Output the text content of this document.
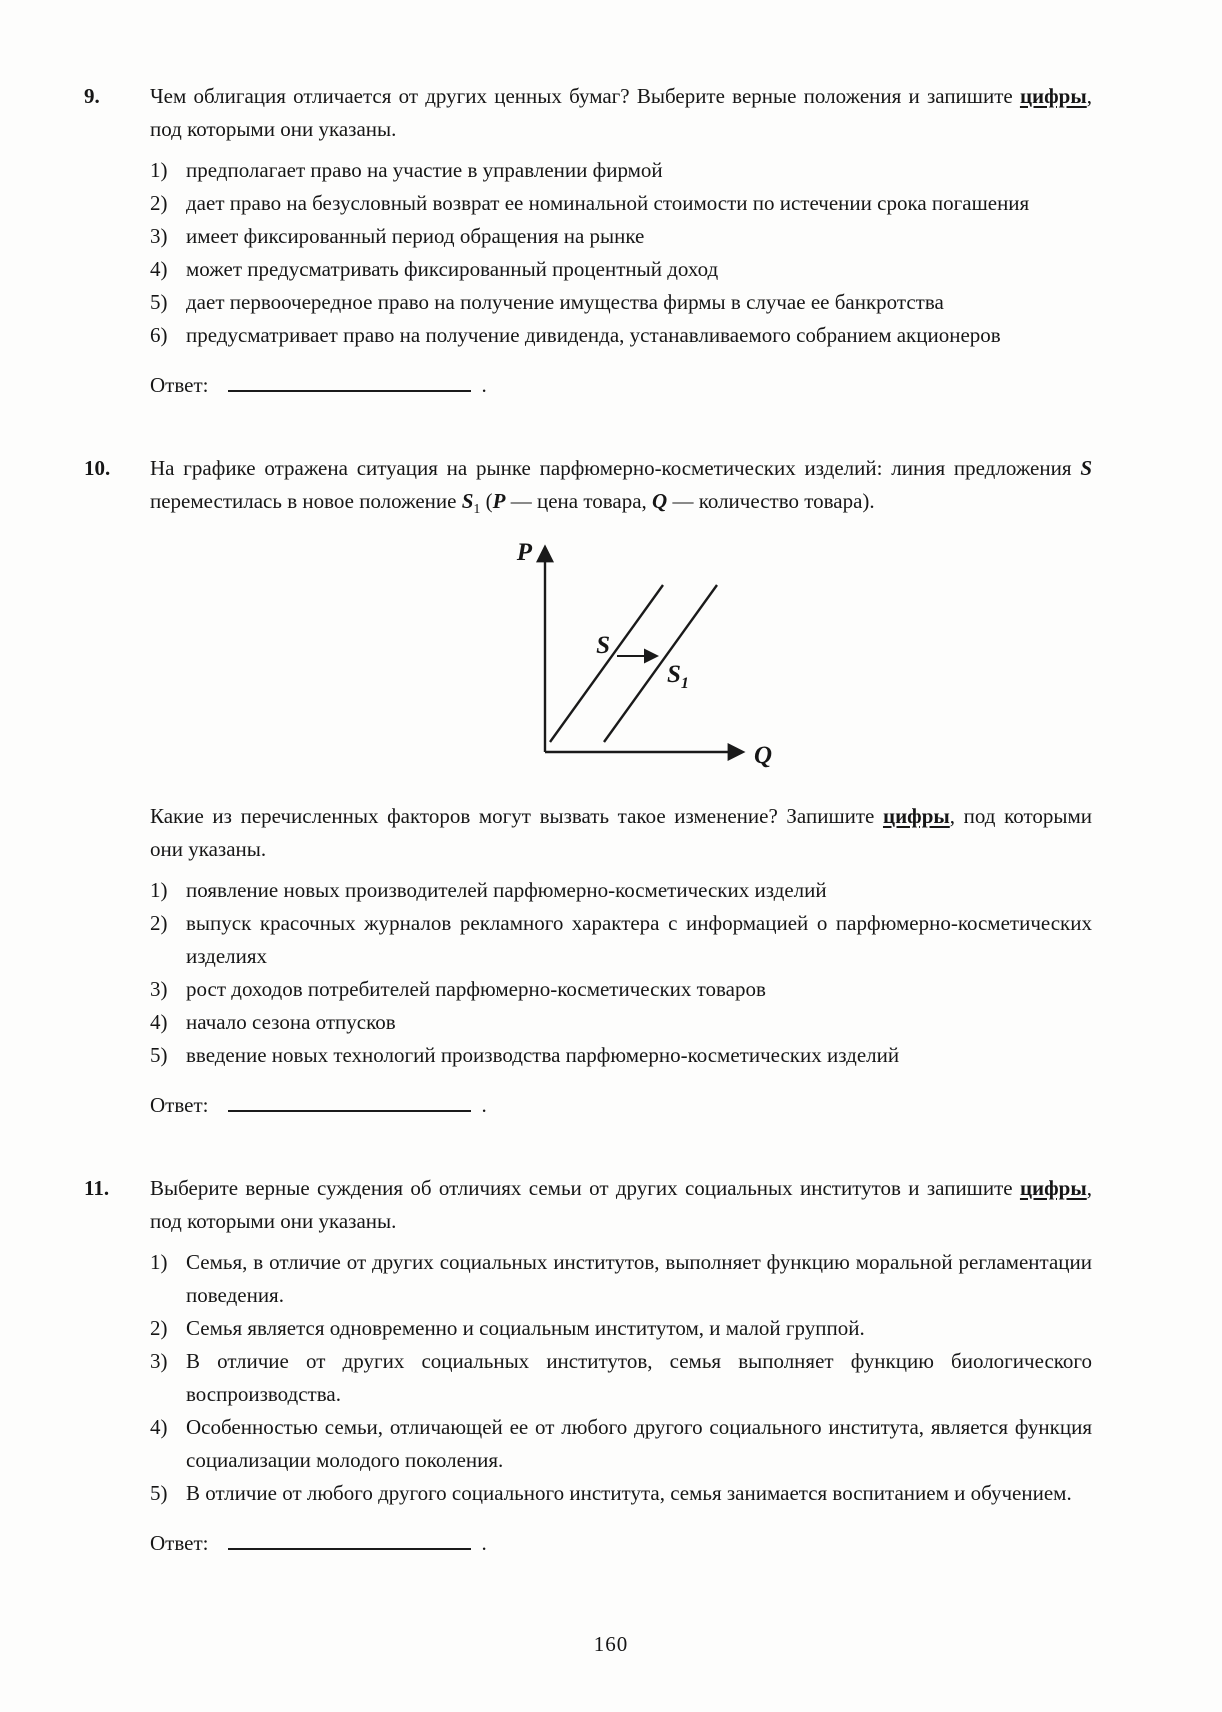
9. Чем облигация отличается от других ценных бумаг? Выберите верные положения и запишите цифры, под которыми они указаны.

1) предполагает право на участие в управлении фирмой
2) дает право на безусловный возврат ее номинальной стоимости по истечении срока погашения
3) имеет фиксированный период обращения на рынке
4) может предусматривать фиксированный процентный доход
5) дает первоочередное право на получение имущества фирмы в случае ее банкротства
6) предусматривает право на получение дивиденда, устанавливаемого собранием акционеров
Ответ:	.
10. На графике отражена ситуация на рынке парфюмерно-косметических изделий: линия предложения S переместилась в новое положение $S_1$ (P — цена товара, Q — количество товара).

P
Q
S
$S_1$

Какие из перечисленных факторов могут вызвать такое изменение? Запишите цифры, под которыми они указаны.

1) появление новых производителей парфюмерно-косметических изделий
2) выпуск красочных журналов рекламного характера с информацией о парфюмерно-косметических изделиях
3) рост доходов потребителей парфюмерно-косметических товаров
4) начало сезона отпусков
5) введение новых технологий производства парфюмерно-косметических изделий
Ответ:	.
11. Выберите верные суждения об отличиях семьи от других социальных институтов и запишите цифры, под которыми они указаны.

1) Семья, в отличие от других социальных институтов, выполняет функцию моральной регламентации поведения.
2) Семья является одновременно и социальным институтом, и малой группой.
3) В отличие от других социальных институтов, семья выполняет функцию биологического воспроизводства.
4) Особенностью семьи, отличающей ее от любого другого социального института, является функция социализации молодого поколения.
5) В отличие от любого другого социального института, семья занимается воспитанием и обучением.
Ответ:	.
160
